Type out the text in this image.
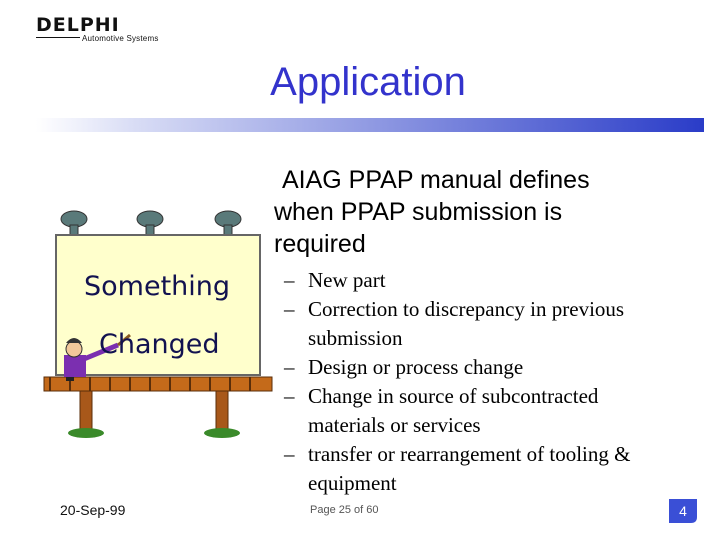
DELPHI
Automotive Systems
Application
Something
Changed
AIAG PPAP manual defines
when PPAP submission is
required
– New part
– Correction to discrepancy in previous
submission
– Design or process change
– Change in source of subcontracted
materials or services
– transfer or rearrangement of tooling &
equipment
20-Sep-99	Page 25 of 60	4
